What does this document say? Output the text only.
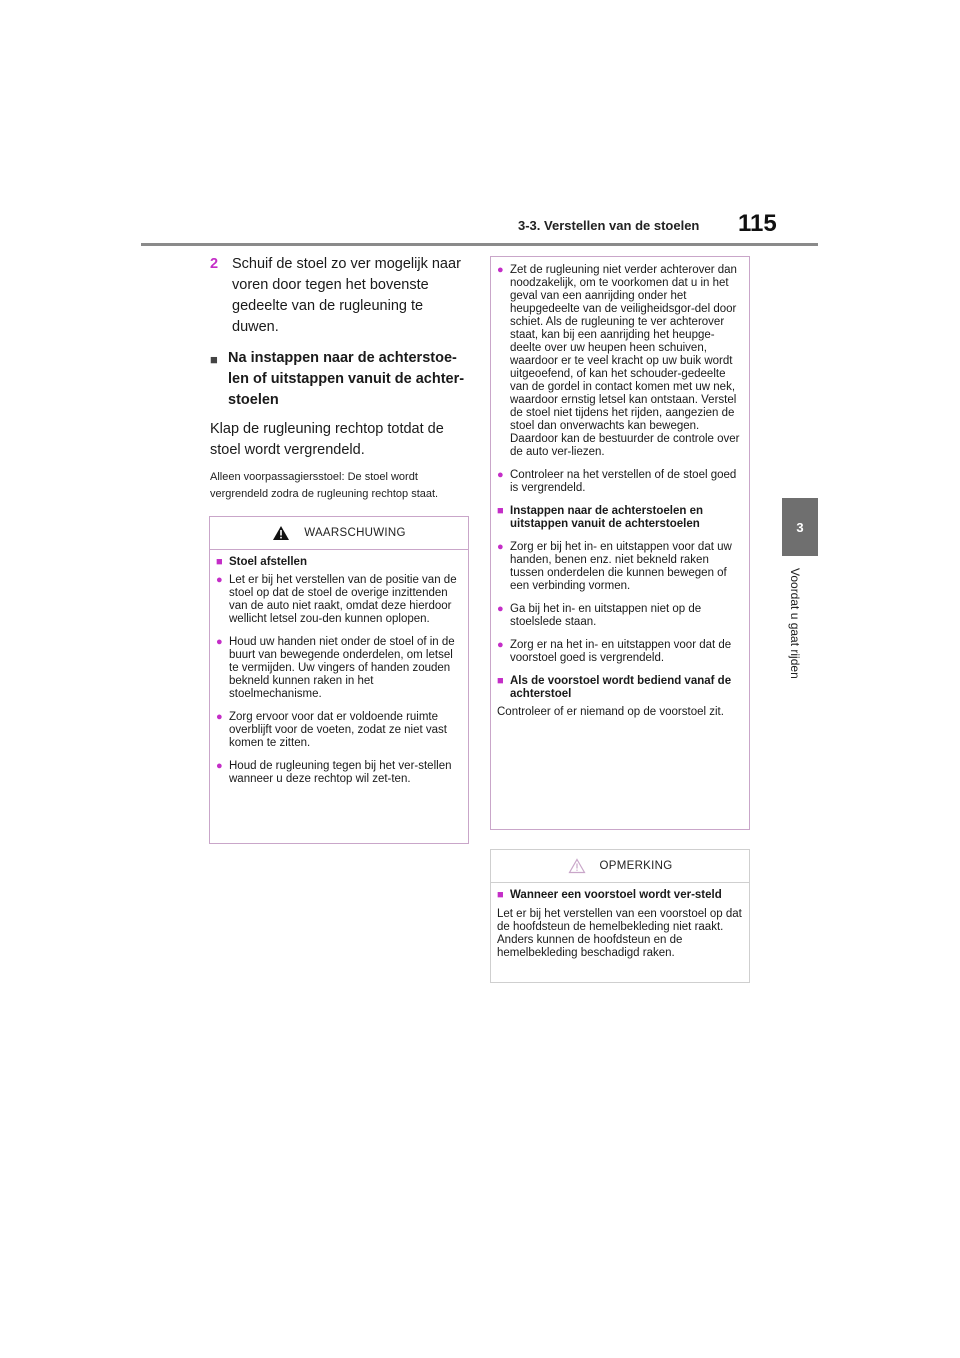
3-3. Verstellen van de stoelen 115
3
Voordat u gaat rijden
2 Schuif de stoel zo ver mogelijk naar voren door tegen het bovenste gedeelte van de rugleuning te duwen.
■ Na instappen naar de achterstoe-len of uitstappen vanuit de achter-stoelen
Klap de rugleuning rechtop totdat de stoel wordt vergrendeld.
Alleen voorpassagiersstoel: De stoel wordt vergrendeld zodra de rugleuning rechtop staat.
WAARSCHUWING
■ Stoel afstellen
● Let er bij het verstellen van de positie van de stoel op dat de stoel de overige inzittenden van de auto niet raakt, omdat deze hierdoor wellicht letsel zou-den kunnen oplopen.
● Houd uw handen niet onder de stoel of in de buurt van bewegende onderdelen, om letsel te vermijden. Uw vingers of handen zouden bekneld kunnen raken in het stoelmechanisme.
● Zorg ervoor voor dat er voldoende ruimte overblijft voor de voeten, zodat ze niet vast komen te zitten.
● Houd de rugleuning tegen bij het ver-stellen wanneer u deze rechtop wil zet-ten.
● Zet de rugleuning niet verder achterover dan noodzakelijk, om te voorkomen dat u in het geval van een aanrijding onder het heupgedeelte van de veiligheidsgor-del door schiet. Als de rugleuning te ver achterover staat, kan bij een aanrijding het heupge-deelte over uw heupen heen schuiven, waardoor er te veel kracht op uw buik wordt uitgeoefend, of kan het schouder-gedeelte van de gordel in contact komen met uw nek, waardoor ernstig letsel kan ontstaan. Verstel de stoel niet tijdens het rijden, aangezien de stoel dan onverwachts kan bewegen. Daardoor kan de bestuurder de controle over de auto ver-liezen.
● Controleer na het verstellen of de stoel goed is vergrendeld.
■ Instappen naar de achterstoelen en uitstappen vanuit de achterstoelen
● Zorg er bij het in- en uitstappen voor dat uw handen, benen enz. niet bekneld raken tussen onderdelen die kunnen bewegen of een verbinding vormen.
● Ga bij het in- en uitstappen niet op de stoelslede staan.
● Zorg er na het in- en uitstappen voor dat de voorstoel goed is vergrendeld.
■ Als de voorstoel wordt bediend vanaf de achterstoel
Controleer of er niemand op de voorstoel zit.
OPMERKING
■ Wanneer een voorstoel wordt ver-steld
Let er bij het verstellen van een voorstoel op dat de hoofdsteun de hemelbekleding niet raakt. Anders kunnen de hoofdsteun en de hemelbekleding beschadigd raken.
